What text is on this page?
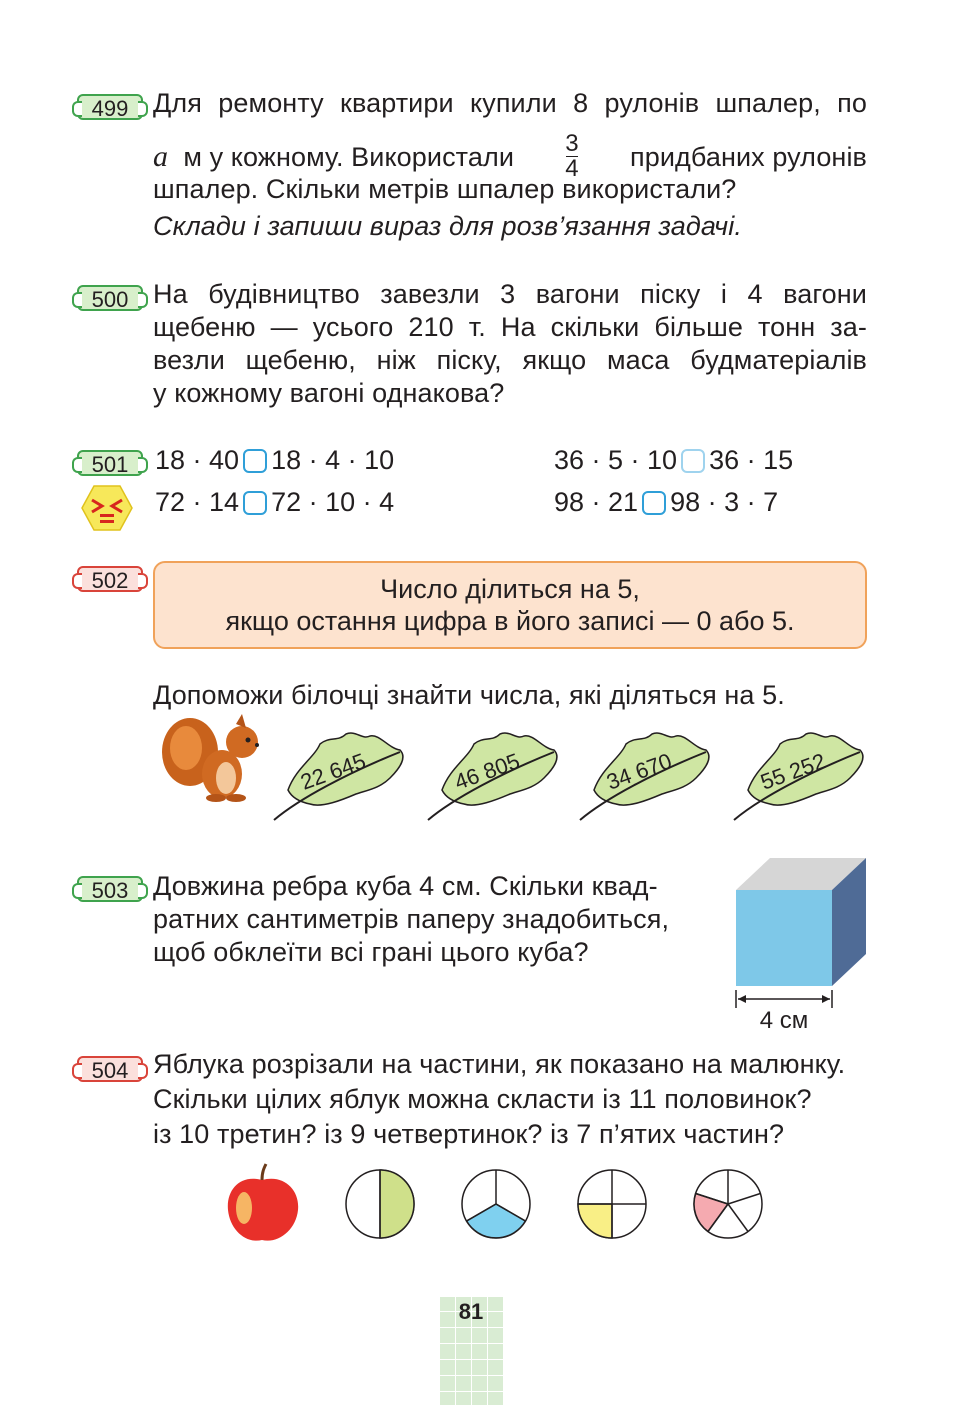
499 Для ремонту квартири купили 8 рулонів шпалер, по
а м у кожному. Використали $\frac{3}{4}$ придбаних рулонів
шпалер. Скільки метрів шпалер використали?
Склади і запиши вираз для розв’язання задачі.
500 На будівництво завезли 3 вагони піску і 4 вагони
щебеню — усього 210 т. На скільки більше тонн за-
везли щебеню, ніж піску, якщо маса будматеріалів
у кожному вагоні однакова?
501 18 · 40 18 · 4 · 10	36 · 5 · 10 36 · 15
72 · 14 72 · 10 · 4	98 · 21 98 · 3 · 7
502	Число ділиться на 5,
якщо остання цифра в його записі — 0 або 5.
Допоможи білочці знайти числа, які діляться на 5.
22 645	46 805	34 670	55 252
503 Довжина ребра куба 4 см. Скільки квад-
ратних сантиметрів паперу знадобиться,
щоб обклеїти всі грані цього куба?
4 см
504 Яблука розрізали на частини, як показано на малюнку.
Скільки цілих яблук можна скласти із 11 половинок?
із 10 третин? із 9 четвертинок? із 7 п’ятих частин?
81
